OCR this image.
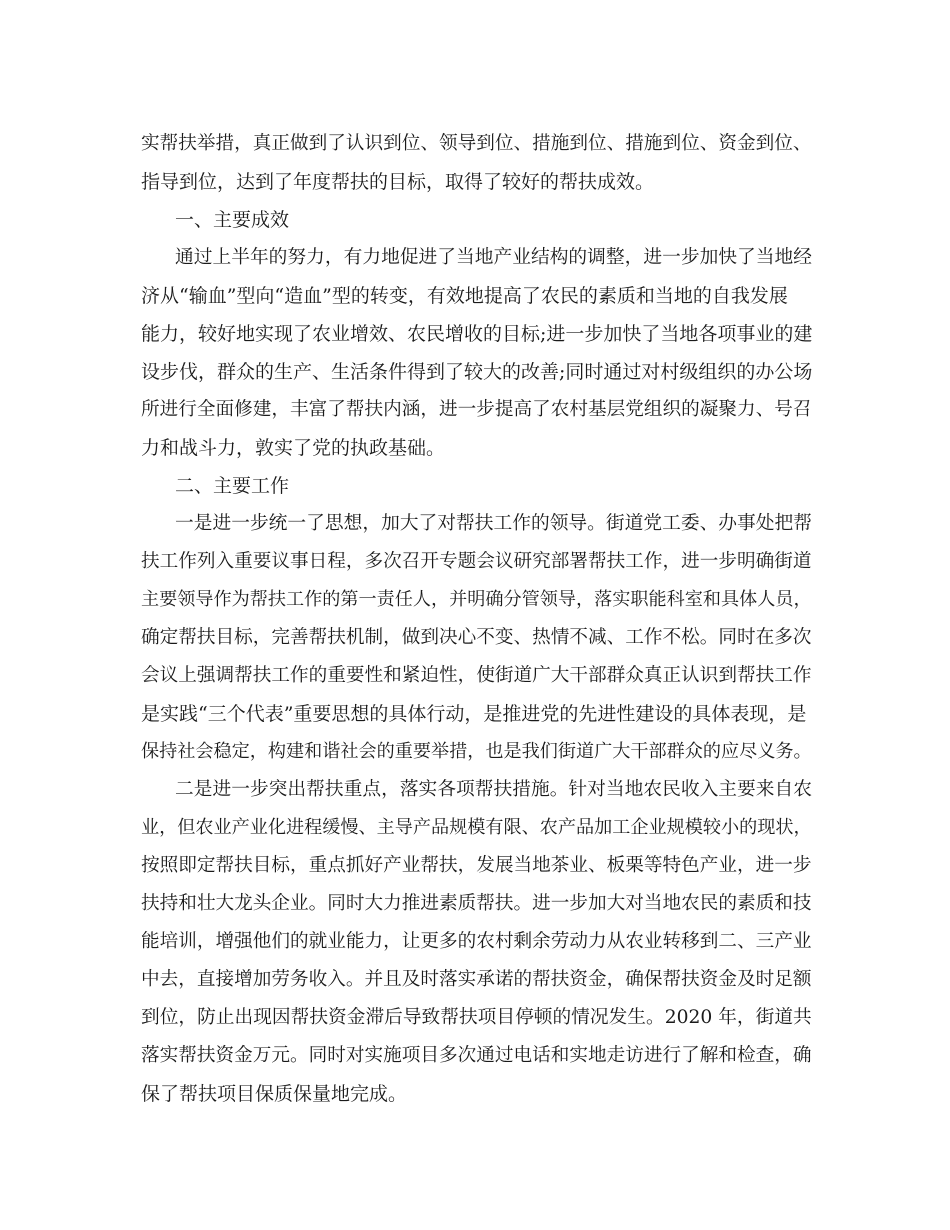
实帮扶举措，真正做到了认识到位、领导到位、措施到位、措施到位、资金到位、
指导到位，达到了年度帮扶的目标，取得了较好的帮扶成效。
一、主要成效
通过上半年的努力，有力地促进了当地产业结构的调整，进一步加快了当地经
济从“输血”型向“造血”型的转变，有效地提高了农民的素质和当地的自我发展
能力，较好地实现了农业增效、农民增收的目标;进一步加快了当地各项事业的建
设步伐，群众的生产、生活条件得到了较大的改善;同时通过对村级组织的办公场
所进行全面修建，丰富了帮扶内涵，进一步提高了农村基层党组织的凝聚力、号召
力和战斗力，敦实了党的执政基础。
二、主要工作
一是进一步统一了思想，加大了对帮扶工作的领导。街道党工委、办事处把帮
扶工作列入重要议事日程，多次召开专题会议研究部署帮扶工作，进一步明确街道
主要领导作为帮扶工作的第一责任人，并明确分管领导，落实职能科室和具体人员，
确定帮扶目标，完善帮扶机制，做到决心不变、热情不减、工作不松。同时在多次
会议上强调帮扶工作的重要性和紧迫性，使街道广大干部群众真正认识到帮扶工作
是实践“三个代表”重要思想的具体行动，是推进党的先进性建设的具体表现，是
保持社会稳定，构建和谐社会的重要举措，也是我们街道广大干部群众的应尽义务。
二是进一步突出帮扶重点，落实各项帮扶措施。针对当地农民收入主要来自农
业，但农业产业化进程缓慢、主导产品规模有限、农产品加工企业规模较小的现状，
按照即定帮扶目标，重点抓好产业帮扶，发展当地茶业、板栗等特色产业，进一步
扶持和壮大龙头企业。同时大力推进素质帮扶。进一步加大对当地农民的素质和技
能培训，增强他们的就业能力，让更多的农村剩余劳动力从农业转移到二、三产业
中去，直接增加劳务收入。并且及时落实承诺的帮扶资金，确保帮扶资金及时足额
到位，防止出现因帮扶资金滞后导致帮扶项目停顿的情况发生。2020 年，街道共
落实帮扶资金万元。同时对实施项目多次通过电话和实地走访进行了解和检查，确
保了帮扶项目保质保量地完成。
